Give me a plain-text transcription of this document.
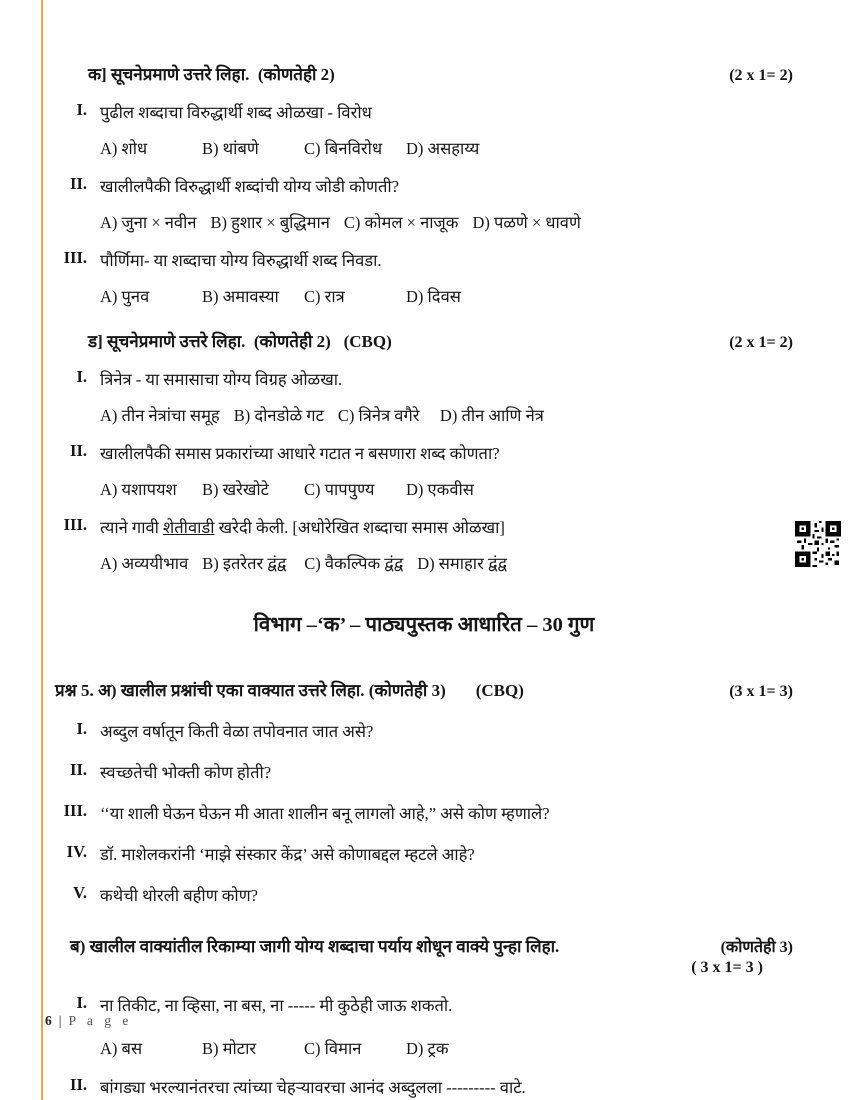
क] सूचनेप्रमाणे उत्तरे लिहा.  (कोणतेही 2)	(2 x 1= 2)
I. पुढील शब्दाचा विरुद्धार्थी शब्द ओळखा - विरोध
A) शोध	B) थांबणे	C) बिनविरोध	D) असहाय्य
II. खालीलपैकी विरुद्धार्थी शब्दांची योग्य जोडी कोणती?
A) जुना × नवीन B) हुशार × बुद्धिमान C) कोमल × नाजूक D) पळणे × धावणे
III. पौर्णिमा- या शब्दाचा योग्य विरुद्धार्थी शब्द निवडा.
A) पुनव	B) अमावस्या	C) रात्र	D) दिवस
ड] सूचनेप्रमाणे उत्तरे लिहा.  (कोणतेही 2)   (CBQ)	(2 x 1= 2)
I. त्रिनेत्र - या समासाचा योग्य विग्रह ओळखा.
A) तीन नेत्रांचा समूह B) दोनडोळे गट C) त्रिनेत्र वगैरे	D) तीन आणि नेत्र
II. खालीलपैकी समास प्रकारांच्या आधारे गटात न बसणारा शब्द कोणता?
A) यशापयश	B) खरेखोटे	C) पापपुण्य	D) एकवीस
III. त्याने गावी शेतीवाडी खरेदी केली. [अधोरेखित शब्दाचा समास ओळखा]
A) अव्ययीभाव B) इतरेतर द्वंद्व C) वैकल्पिक द्वंद्व D) समाहार द्वंद्व
विभाग –‘क’ – पाठ्यपुस्तक आधारित – 30 गुण
प्रश्न 5. अ) खालील प्रश्नांची एका वाक्यात उत्तरे लिहा. (कोणतेही 3) (CBQ)	(3 x 1= 3)
I. अब्दुल वर्षातून किती वेळा तपोवनात जात असे?
II. स्वच्छतेची भोक्ती कोण होती?
III. ‘‘या शाली घेऊन घेऊन मी आता शालीन बनू लागलो आहे,” असे कोण म्हणाले?
IV. डॉ. माशेलकरांनी ‘माझे संस्कार केंद्र’ असे कोणाबद्दल म्हटले आहे?
V. कथेची थोरली बहीण कोण?
ब) खालील वाक्यांतील रिकाम्या जागी योग्य शब्दाचा पर्याय शोधून वाक्ये पुन्हा लिहा.	(कोणतेही 3)
( 3 x 1= 3 )
I. ना तिकीट, ना व्हिसा, ना बस, ना ----- मी कुठेही जाऊ शकतो.
A) बस	B) मोटार	C) विमान	D) ट्रक
II. बांगड्या भरल्यानंतरचा त्यांच्या चेहऱ्यावरचा आनंद अब्दुलला --------- वाटे.
6 | P a g e
